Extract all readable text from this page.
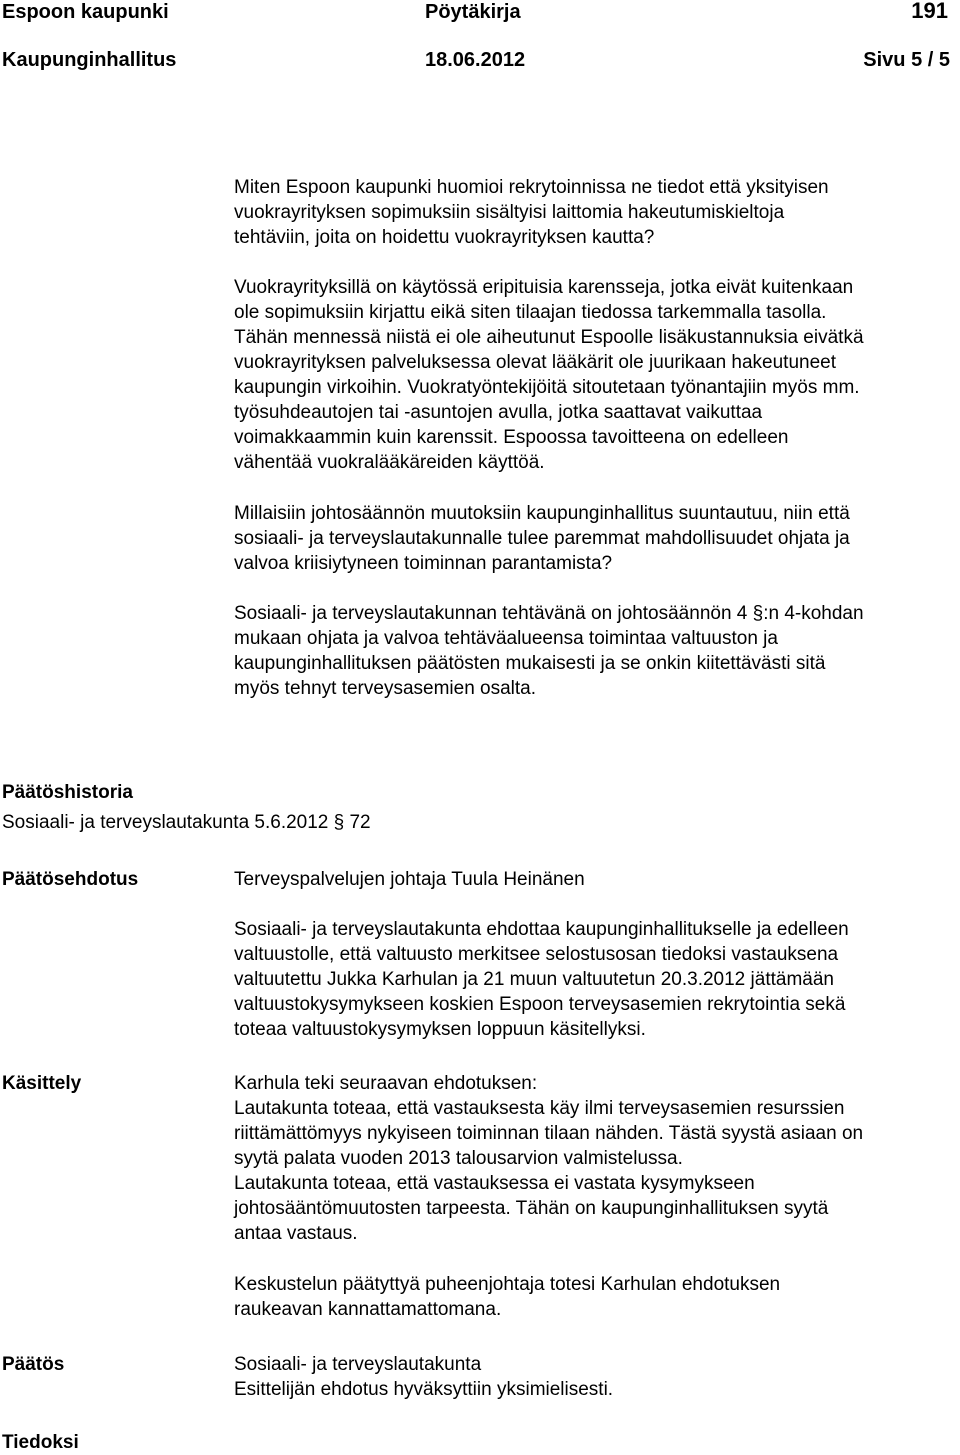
Espoon kaupunki	Pöytäkirja	191
Kaupunginhallitus	18.06.2012	Sivu 5 / 5

Miten Espoon kaupunki huomioi rekrytoinnissa ne tiedot että yksityisen
vuokrayrityksen sopimuksiin sisältyisi laittomia hakeutumiskieltoja
tehtäviin, joita on hoidettu vuokrayrityksen kautta?

Vuokrayrityksillä on käytössä eripituisia karensseja, jotka eivät kuitenkaan
ole sopimuksiin kirjattu eikä siten tilaajan tiedossa tarkemmalla tasolla.
Tähän mennessä niistä ei ole aiheutunut Espoolle lisäkustannuksia eivätkä
vuokrayrityksen palveluksessa olevat lääkärit ole juurikaan hakeutuneet
kaupungin virkoihin. Vuokratyöntekijöitä sitoutetaan työnantajiin myös mm.
työsuhdeautojen tai -asuntojen avulla, jotka saattavat vaikuttaa
voimakkaammin kuin karenssit. Espoossa tavoitteena on edelleen
vähentää vuokralääkäreiden käyttöä.

Millaisiin johtosäännön muutoksiin kaupunginhallitus suuntautuu, niin että
sosiaali- ja terveyslautakunnalle tulee paremmat mahdollisuudet ohjata ja
valvoa kriisiytyneen toiminnan parantamista?

Sosiaali- ja terveyslautakunnan tehtävänä on johtosäännön 4 §:n 4-kohdan
mukaan ohjata ja valvoa tehtäväalueensa toimintaa valtuuston ja
kaupunginhallituksen päätösten mukaisesti ja se onkin kiitettävästi sitä
myös tehnyt terveysasemien osalta.

Päätöshistoria
Sosiaali- ja terveyslautakunta 5.6.2012 § 72
Päätösehdotus	Terveyspalvelujen johtaja Tuula Heinänen

Sosiaali- ja terveyslautakunta ehdottaa kaupunginhallitukselle ja edelleen
valtuustolle, että valtuusto merkitsee selostusosan tiedoksi vastauksena
valtuutettu Jukka Karhulan ja 21 muun valtuutetun 20.3.2012 jättämään
valtuustokysymykseen koskien Espoon terveysasemien rekrytointia sekä
toteaa valtuustokysymyksen loppuun käsitellyksi.

Käsittely	Karhula teki seuraavan ehdotuksen:
Lautakunta toteaa, että vastauksesta käy ilmi terveysasemien resurssien
riittämättömyys nykyiseen toiminnan tilaan nähden. Tästä syystä asiaan on
syytä palata vuoden 2013 talousarvion valmistelussa.
Lautakunta toteaa, että vastauksessa ei vastata kysymykseen
johtosääntömuutosten tarpeesta. Tähän on kaupunginhallituksen syytä
antaa vastaus.

Keskustelun päätyttyä puheenjohtaja totesi Karhulan ehdotuksen
raukeavan kannattamattomana.

Päätös	Sosiaali- ja terveyslautakunta
Esittelijän ehdotus hyväksyttiin yksimielisesti.

Tiedoksi
